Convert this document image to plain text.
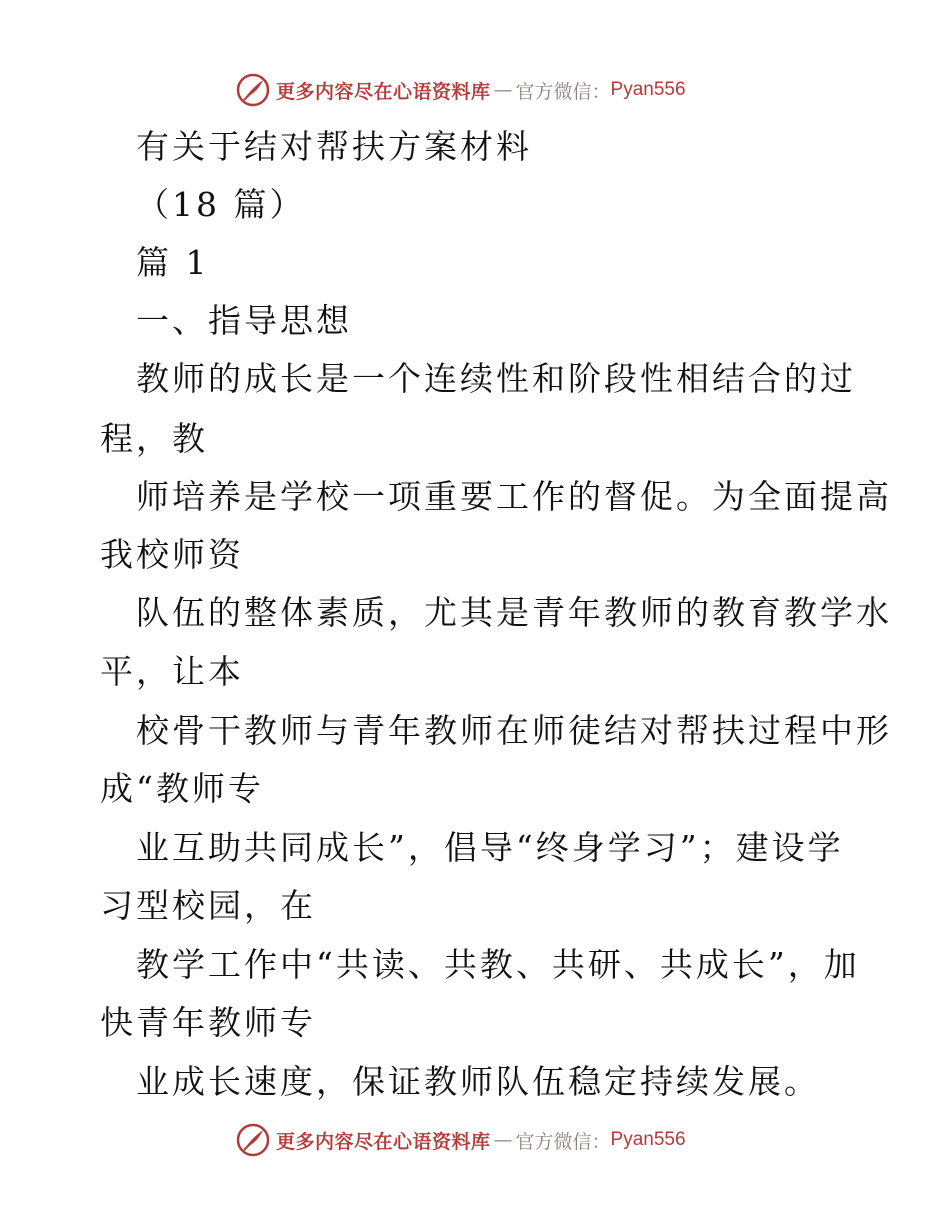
更多内容尽在心语资料库 — 官方微信： Pyan556
有关于结对帮扶方案材料
（18 篇）
篇 1
一、指导思想
教师的成长是一个连续性和阶段性相结合的过
程，教
师培养是学校一项重要工作的督促。为全面提高
我校师资
队伍的整体素质，尤其是青年教师的教育教学水
平，让本
校骨干教师与青年教师在师徒结对帮扶过程中形
成“教师专
业互助共同成长”，倡导“终身学习”；建设学
习型校园，在
教学工作中“共读、共教、共研、共成长”，加
快青年教师专
业成长速度，保证教师队伍稳定持续发展。
更多内容尽在心语资料库 — 官方微信： Pyan556
